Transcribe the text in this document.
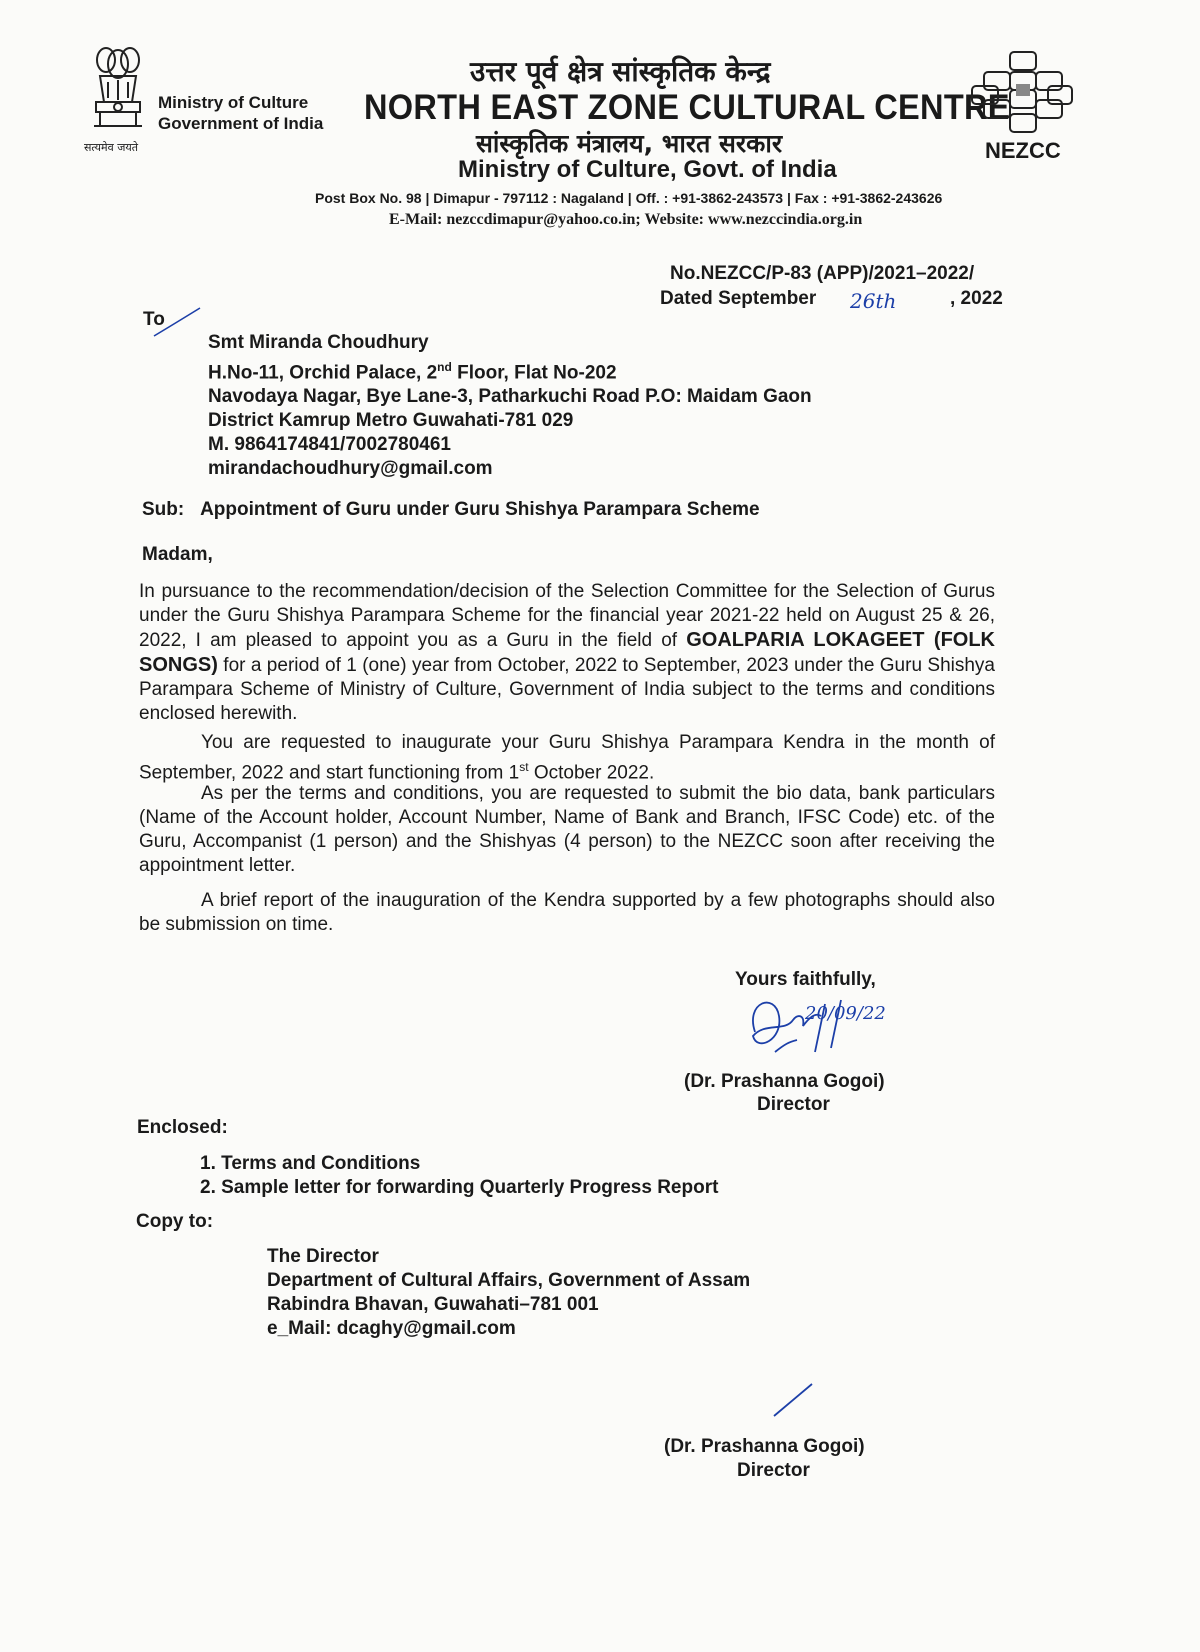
सत्यमेव जयते
Ministry of Culture
Government of India
उत्तर पूर्व क्षेत्र सांस्कृतिक केन्द्र
NORTH EAST ZONE CULTURAL CENTRE
सांस्कृतिक मंत्रालय, भारत सरकार
Ministry of Culture, Govt. of India
Post Box No. 98 | Dimapur - 797112 : Nagaland | Off. : +91-3862-243573 | Fax : +91-3862-243626
E-Mail: nezccdimapur@yahoo.co.in; Website: www.nezccindia.org.in
NEZCC
No.NEZCC/P-83 (APP)/2021–2022/
Dated September 26th	, 2022
To
Smt Miranda Choudhury
H.No-11, Orchid Palace, 2nd Floor, Flat No-202
Navodaya Nagar, Bye Lane-3, Patharkuchi Road P.O: Maidam Gaon
District Kamrup Metro Guwahati-781 029
M. 9864174841/7002780461
mirandachoudhury@gmail.com
Sub: Appointment of Guru under Guru Shishya Parampara Scheme
Madam,
In pursuance to the recommendation/decision of the Selection Committee for the Selection of Gurus under the Guru Shishya Parampara Scheme for the financial year 2021-22 held on August 25 & 26, 2022, I am pleased to appoint you as a Guru in the field of GOALPARIA LOKAGEET (FOLK SONGS) for a period of 1 (one) year from October, 2022 to September, 2023 under the Guru Shishya Parampara Scheme of Ministry of Culture, Government of India subject to the terms and conditions enclosed herewith.
You are requested to inaugurate your Guru Shishya Parampara Kendra in the month of September, 2022 and start functioning from 1st October 2022.
As per the terms and conditions, you are requested to submit the bio data, bank particulars (Name of the Account holder, Account Number, Name of Bank and Branch, IFSC Code) etc. of the Guru, Accompanist (1 person) and the Shishyas (4 person) to the NEZCC soon after receiving the appointment letter.
A brief report of the inauguration of the Kendra supported by a few photographs should also be submission on time.
Yours faithfully,
20/09/22
(Dr. Prashanna Gogoi)
Director
Enclosed:
1. Terms and Conditions
2. Sample letter for forwarding Quarterly Progress Report
Copy to:
The Director
Department of Cultural Affairs, Government of Assam
Rabindra Bhavan, Guwahati–781 001
e_Mail: dcaghy@gmail.com
(Dr. Prashanna Gogoi)
Director
